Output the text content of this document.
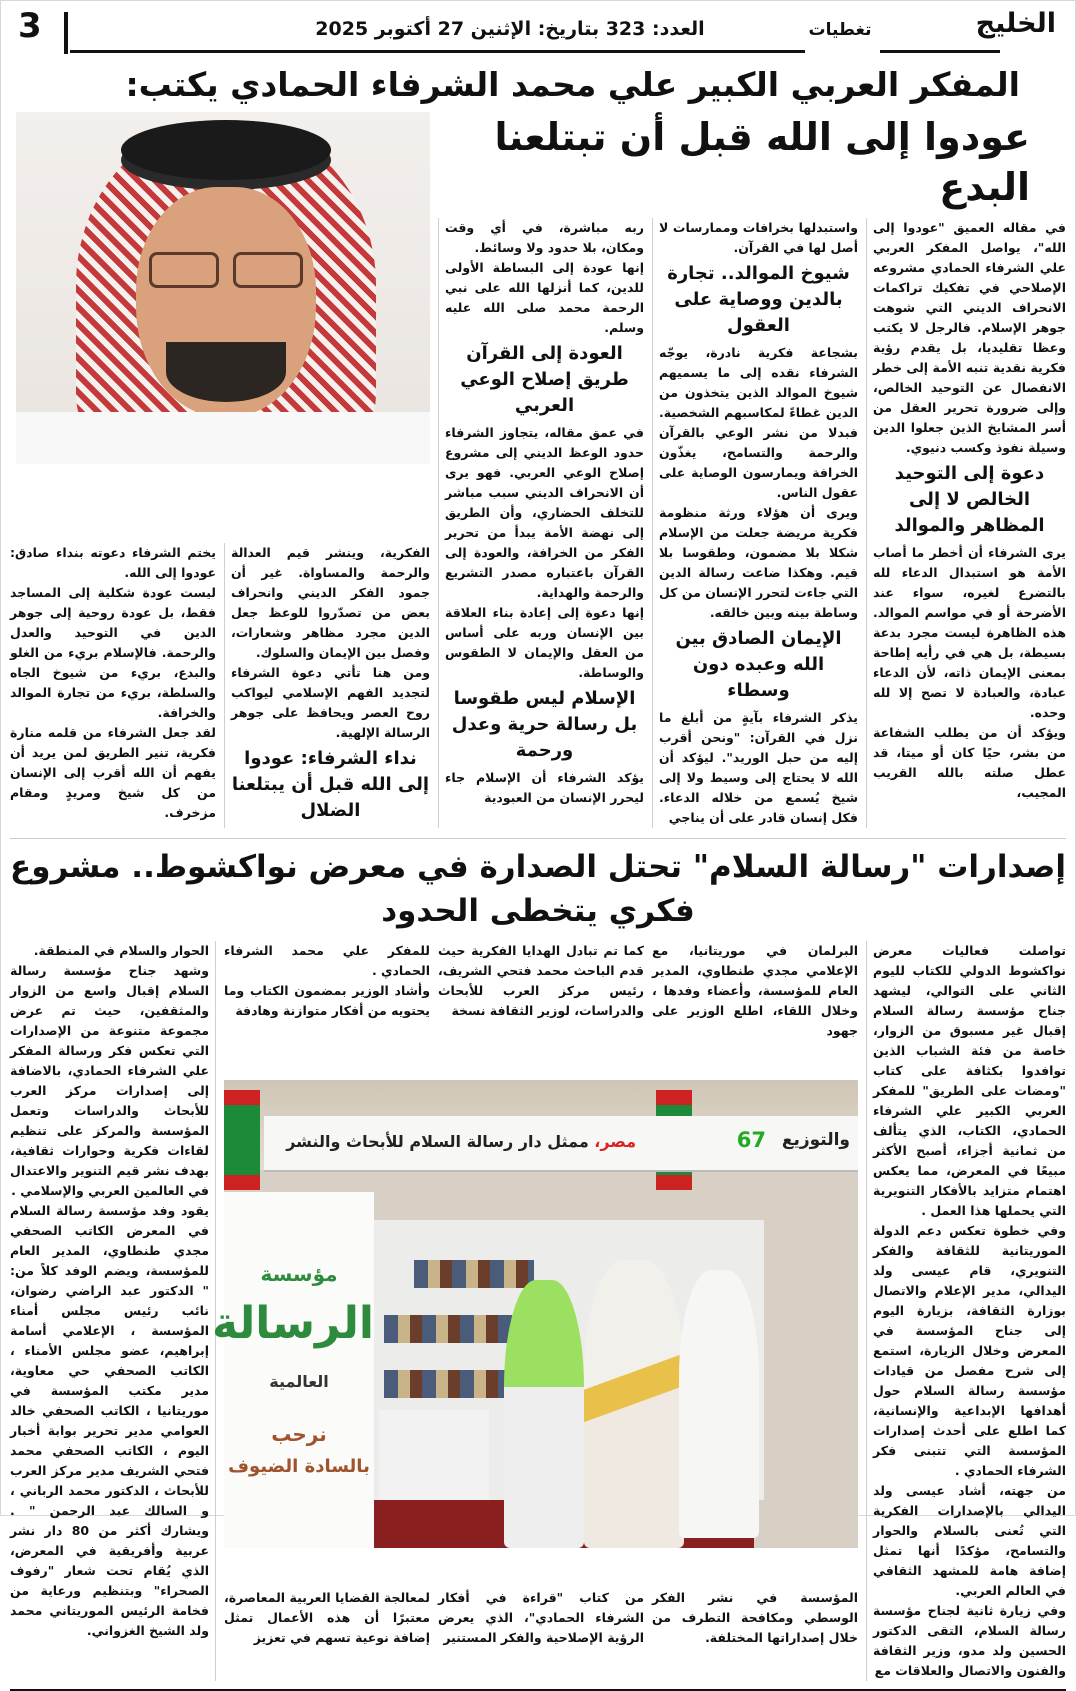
الخليج
تغطيات
العدد: 323 بتاريخ: الإثنين 27 أكتوبر 2025
3
المفكر العربي الكبير علي محمد الشرفاء الحمادي يكتب:
عودوا إلى الله قبل أن تبتلعنا البدع

في مقاله العميق "عودوا إلى الله"، يواصل المفكر العربي علي الشرفاء الحمادي مشروعه الإصلاحي في تفكيك تراكمات الانحراف الديني التي شوهت جوهر الإسلام. فالرجل لا يكتب وعظا تقليديا، بل يقدم رؤية فكرية نقدية تنبه الأمة إلى خطر الانفصال عن التوحيد الخالص، وإلى ضرورة تحرير العقل من أسر المشايخ الذين جعلوا الدين وسيلة نفوذ وكسب دنيوي.

دعوة إلى التوحيد الخالص لا إلى المظاهر والموالد

يرى الشرفاء أن أخطر ما أصاب الأمة هو استبدال الدعاء لله بالتضرع لغيره، سواء عند الأضرحة أو في مواسم الموالد. هذه الظاهرة ليست مجرد بدعة بسيطة، بل هي في رأيه إطاحة بمعنى الإيمان ذاته، لأن الدعاء عبادة، والعبادة لا تصح إلا لله وحده.

ويؤكد أن من يطلب الشفاعة من بشر، حيًا كان أو ميتا، قد عطل صلته بالله القريب المجيب،

واستبدلها بخرافات وممارسات لا أصل لها في القرآن.

شيوخ الموالد.. تجارة بالدين ووصاية على العقول

بشجاعة فكرية نادرة، يوجّه الشرفاء نقده إلى ما يسميهم شيوخ الموالد الذين يتخذون من الدين غطاءً لمكاسبهم الشخصية. فبدلا من نشر الوعي بالقرآن والرحمة والتسامح، يغذّون الخرافة ويمارسون الوصاية على عقول الناس.

ويرى أن هؤلاء ورثة منظومة فكرية مريضة جعلت من الإسلام شكلا بلا مضمون، وطقوسا بلا قيم. وهكذا ضاعت رسالة الدين التي جاءت لتحرر الإنسان من كل وساطة بينه وبين خالقه.

الإيمان الصادق بين الله وعبده دون وسطاء

يذكر الشرفاء بآيةٍ من أبلغ ما نزل في القرآن: "ونحن أقرب إليه من حبل الوريد". ليؤكد أن الله لا يحتاج إلى وسيط ولا إلى شيخ يُسمع من خلاله الدعاء. فكل إنسان قادر على أن يناجي

ربه مباشرة، في أي وقت ومكان، بلا حدود ولا وسائط.

إنها عودة إلى البساطة الأولى للدين، كما أنزلها الله على نبي الرحمة محمد صلى الله عليه وسلم.

العودة إلى القرآن طريق إصلاح الوعي العربي

في عمق مقاله، يتجاوز الشرفاء حدود الوعظ الديني إلى مشروع إصلاح الوعي العربي. فهو يرى أن الانحراف الديني سبب مباشر للتخلف الحضاري، وأن الطريق إلى نهضة الأمة يبدأ من تحرير الفكر من الخرافة، والعودة إلى القرآن باعتباره مصدر التشريع والرحمة والهداية.

إنها دعوة إلى إعادة بناء العلاقة بين الإنسان وربه على أساس من العقل والإيمان لا الطقوس والوساطة.

الإسلام ليس طقوسا بل رسالة حرية وعدل ورحمة

يؤكد الشرفاء أن الإسلام جاء ليحرر الإنسان من العبودية

الفكرية، وينشر قيم العدالة والرحمة والمساواة. غير أن جمود الفكر الديني وانحراف بعض من تصدّروا للوعظ جعل الدين مجرد مظاهر وشعارات، وفصل بين الإيمان والسلوك.

ومن هنا تأتي دعوة الشرفاء لتجديد الفهم الإسلامي ليواكب روح العصر ويحافظ على جوهر الرسالة الإلهية.

نداء الشرفاء: عودوا إلى الله قبل أن يبتلعنا الضلال

يختم الشرفاء دعوته بنداء صادق: عودوا إلى الله.

ليست عودة شكلية إلى المساجد فقط، بل عودة روحية إلى جوهر الدين في التوحيد والعدل والرحمة. فالإسلام بريء من الغلو والبدع، بريء من شيوخ الجاه والسلطة، بريء من تجارة الموالد والخرافة.

لقد جعل الشرفاء من قلمه منارة فكرية، تنير الطريق لمن يريد أن يفهم أن الله أقرب إلى الإنسان من كل شيخ ومريدٍ ومقام مزخرف.

إصدارات "رسالة السلام" تحتل الصدارة في معرض نواكشوط.. مشروع فكري يتخطى الحدود

تواصلت فعاليات معرض نواكشوط الدولي للكتاب لليوم الثاني على التوالي، ليشهد جناح مؤسسة رسالة السلام إقبال غير مسبوق من الزوار، خاصة من فئة الشباب الذين توافدوا بكثافة على كتاب "ومضات على الطريق" للمفكر العربي الكبير علي الشرفاء الحمادي، الكتاب، الذي يتألف من ثمانية أجزاء، أصبح الأكثر مبيعًا في المعرض، مما يعكس اهتمام متزايد بالأفكار التنويرية التي يحملها هذا العمل .

وفي خطوة تعكس دعم الدولة الموريتانية للثقافة والفكر التنويري، قام عيسى ولد اليدالي، مدير الإعلام والاتصال بوزارة الثقافة، بزيارة اليوم إلى جناح المؤسسة في المعرض وخلال الزيارة، استمع إلى شرح مفصل من قيادات مؤسسة رسالة السلام حول أهدافها الإبداعية والإنسانية، كما اطلع على أحدث إصدارات المؤسسة التي تتبنى فكر الشرفاء الحمادي .

من جهته، أشاد عيسى ولد اليدالي بالإصدارات الفكرية التي تُعنى بالسلام والحوار والتسامح، مؤكدًا أنها تمثل إضافة هامة للمشهد الثقافي في العالم العربي.

وفي زيارة ثانية لجناح مؤسسة رسالة السلام، التقى الدكتور الحسين ولد مدو، وزير الثقافة والفنون والاتصال والعلاقات مع

البرلمان في موريتانيا، مع الإعلامي مجدي طنطاوي، المدير العام للمؤسسة، وأعضاء وفدها ، وخلال اللقاء، اطلع الوزير على جهود

كما تم تبادل الهدايا الفكرية حيث قدم الباحث محمد فتحي الشريف، رئيس مركز العرب للأبحاث والدراسات، لوزير الثقافة نسخة

للمفكر علي محمد الشرفاء الحمادي .

وأشاد الوزير بمضمون الكتاب وما يحتويه من أفكار متوازنة وهادفة

مصر، ممثل دار رسالة السلام للأبحاث والنشر	67 والتوزيع
مؤسسة
الرسالة
العالمية
نرحب
بالسادة الضيوف

المؤسسة في نشر الفكر الوسطي ومكافحة التطرف من خلال إصداراتها المختلفة.

من كتاب "قراءة في أفكار الشرفاء الحمادي"، الذي يعرض الرؤية الإصلاحية والفكر المستنير

لمعالجة القضايا العربية المعاصرة، معتبرًا أن هذه الأعمال تمثل إضافة نوعية تسهم في تعزيز

الحوار والسلام في المنطقة.

وشهد جناح مؤسسة رسالة السلام إقبال واسع من الزوار والمثقفين، حيث تم عرض مجموعة متنوعة من الإصدارات التي تعكس فكر ورسالة المفكر علي الشرفاء الحمادي، بالاضافة إلى إصدارات مركز العرب للأبحاث والدراسات وتعمل المؤسسة والمركز على تنظيم لقاءات فكرية وحوارات ثقافية، بهدف نشر قيم التنوير والاعتدال في العالمين العربي والإسلامي .

يقود وفد مؤسسة رسالة السلام في المعرض الكاتب الصحفي مجدي طنطاوي، المدير العام للمؤسسة، ويضم الوفد كلاً من: " الدكتور عبد الراضي رضوان، نائب رئيس مجلس أمناء المؤسسة ، الإعلامي أسامة إبراهيم، عضو مجلس الأمناء ، الكاتب الصحفي حي معاوية، مدير مكتب المؤسسة في موريتانيا ، الكاتب الصحفي خالد العوامي مدير تحرير بوابة أخبار اليوم ، الكاتب الصحفي محمد فتحي الشريف مدير مركز العرب للأبحاث ، الدكتور محمد الرباني ، و السالك عبد الرحمن " . ويشارك أكثر من 80 دار نشر عربية وأفريقية في المعرض، الذي يُقام تحت شعار "رفوف الصحراء" وبتنظيم ورعاية من فخامة الرئيس الموريتاني محمد ولد الشيخ الغزواني.
